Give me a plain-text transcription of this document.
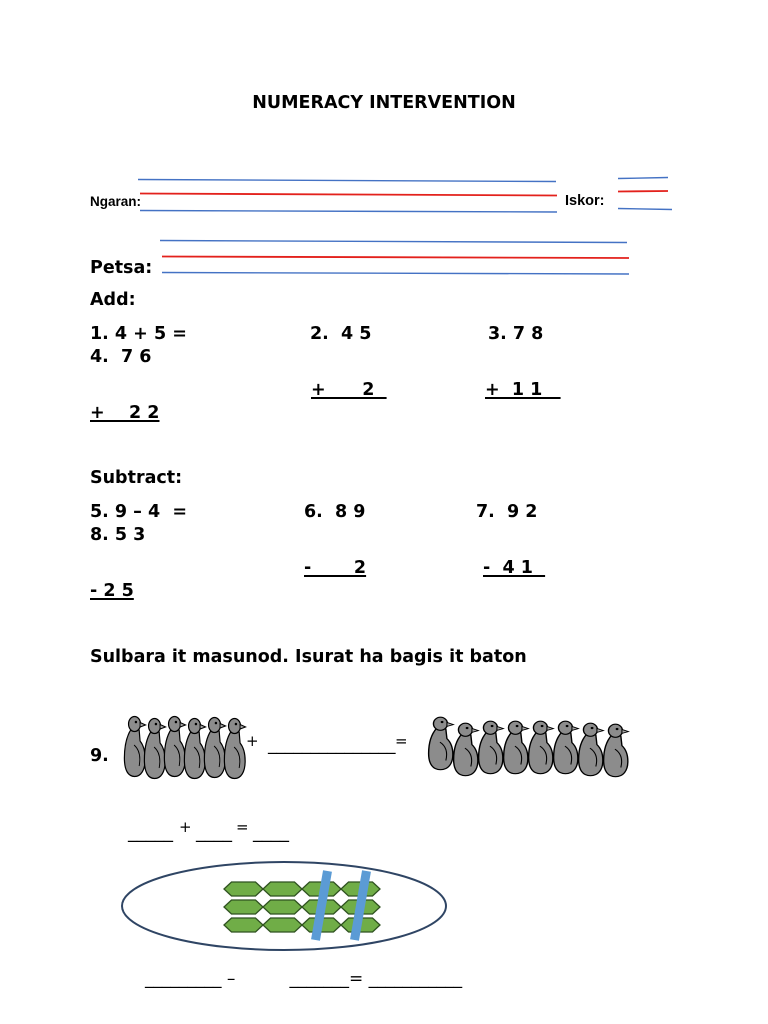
NUMERACY INTERVENTION
Ngaran:	Iskor:
Petsa:
Add:
1. 4 + 5 =	2.  4 5	3. 7 8
4.  7 6
+      2	+  1 1
+    2 2
Subtract:
5. 9 – 4  =	6.  8 9	7.  9 2
8. 5 3
-       2	-  4 1
- 2 5
Sulbara it masunod. Isurat ha bagis it baton
9.
+ _______________ =
_____ + ____ = ____
_________ –          _______= ___________
